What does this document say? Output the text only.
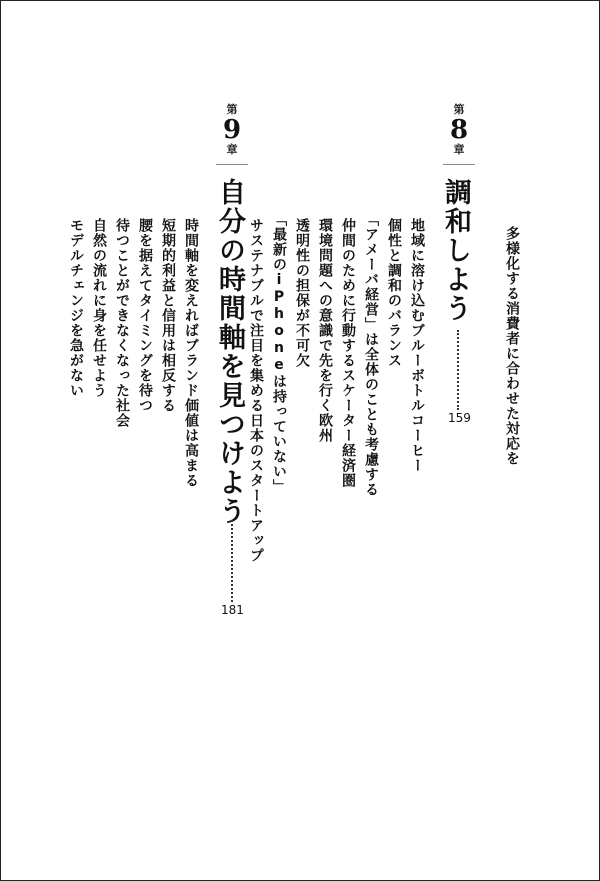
第
8
章
調和しよう
159 多様化する消費者に合わせた対応を
地域に溶け込むブルーボトルコーヒー
個性と調和のバランス
「アメーバ経営」は全体のことも考慮する
仲間のために行動するスケーター経済圏
環境問題への意識で先を行く欧州
透明性の担保が不可欠
「最新のiPhoneは持っていない」
サステナブルで注目を集める日本のスタートアップ
第
9
章
自分の時間軸を見つけよう
181
時間軸を変えればブランド価値は高まる
短期的利益と信用は相反する
腰を据えてタイミングを待つ
待つことができなくなった社会
自然の流れに身を任せよう
モデルチェンジを急がない
